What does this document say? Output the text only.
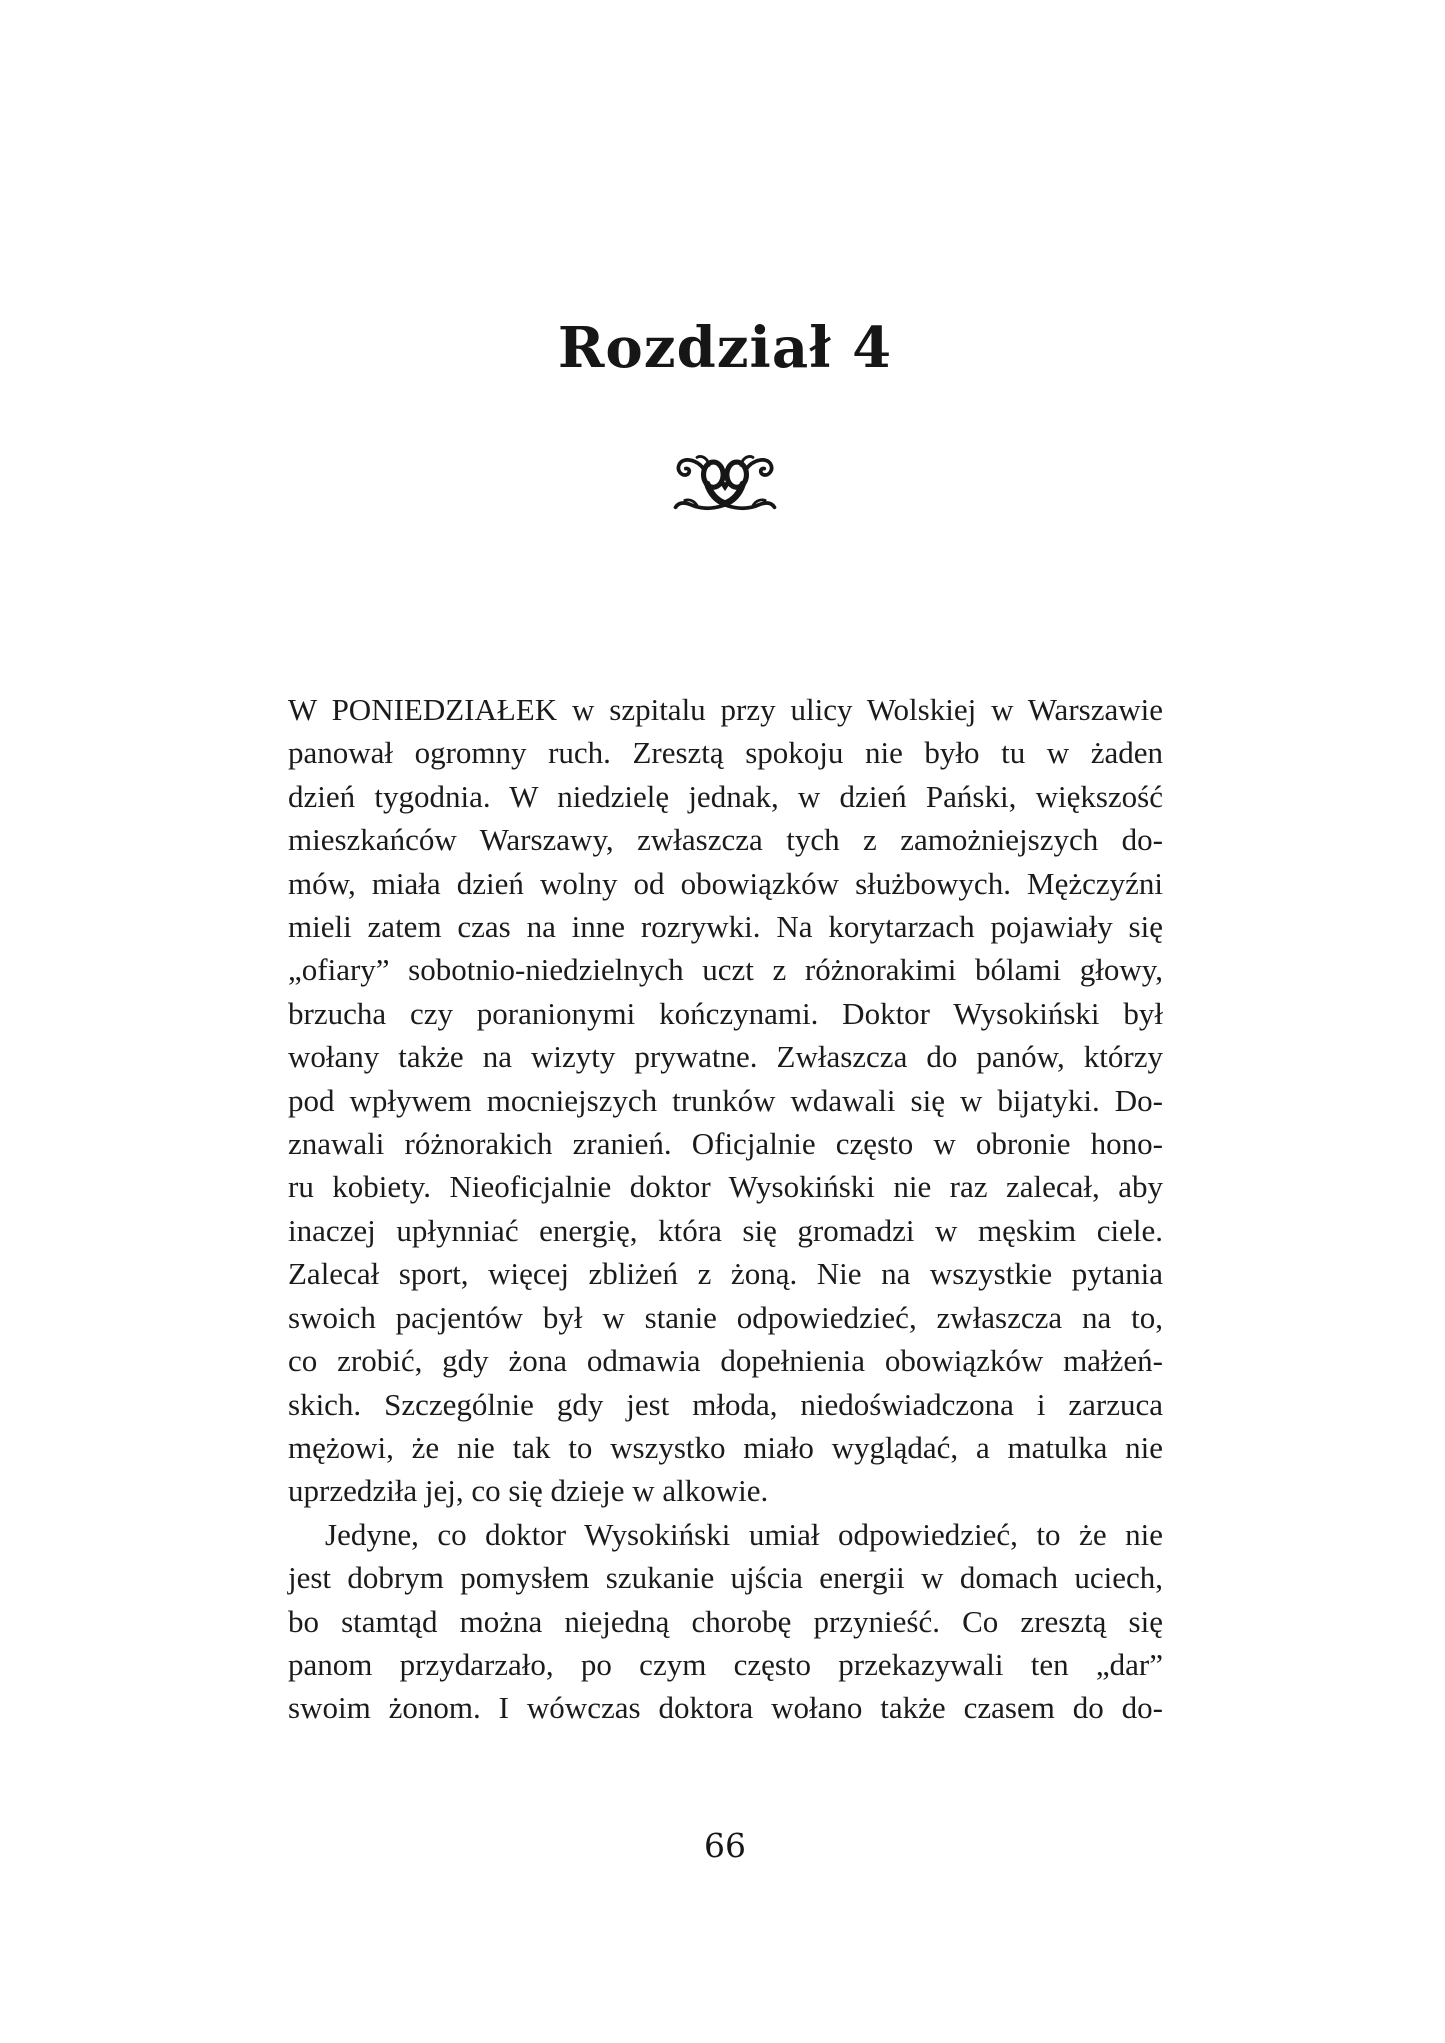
Rozdział 4
W PONIEDZIAŁEK w szpitalu przy ulicy Wolskiej w Warszawie
panował ogromny ruch. Zresztą spokoju nie było tu w żaden
dzień tygodnia. W niedzielę jednak, w dzień Pański, większość
mieszkańców Warszawy, zwłaszcza tych z zamożniejszych do-
mów, miała dzień wolny od obowiązków służbowych. Mężczyźni
mieli zatem czas na inne rozrywki. Na korytarzach pojawiały się
„ofiary” sobotnio-niedzielnych uczt z różnorakimi bólami głowy,
brzucha czy poranionymi kończynami. Doktor Wysokiński był
wołany także na wizyty prywatne. Zwłaszcza do panów, którzy
pod wpływem mocniejszych trunków wdawali się w bijatyki. Do-
znawali różnorakich zranień. Oficjalnie często w obronie hono-
ru kobiety. Nieoficjalnie doktor Wysokiński nie raz zalecał, aby
inaczej upłynniać energię, która się gromadzi w męskim ciele.
Zalecał sport, więcej zbliżeń z żoną. Nie na wszystkie pytania
swoich pacjentów był w stanie odpowiedzieć, zwłaszcza na to,
co zrobić, gdy żona odmawia dopełnienia obowiązków małżeń-
skich. Szczególnie gdy jest młoda, niedoświadczona i zarzuca
mężowi, że nie tak to wszystko miało wyglądać, a matulka nie
uprzedziła jej, co się dzieje w alkowie.
Jedyne, co doktor Wysokiński umiał odpowiedzieć, to że nie
jest dobrym pomysłem szukanie ujścia energii w domach uciech,
bo stamtąd można niejedną chorobę przynieść. Co zresztą się
panom przydarzało, po czym często przekazywali ten „dar”
swoim żonom. I wówczas doktora wołano także czasem do do-
66
